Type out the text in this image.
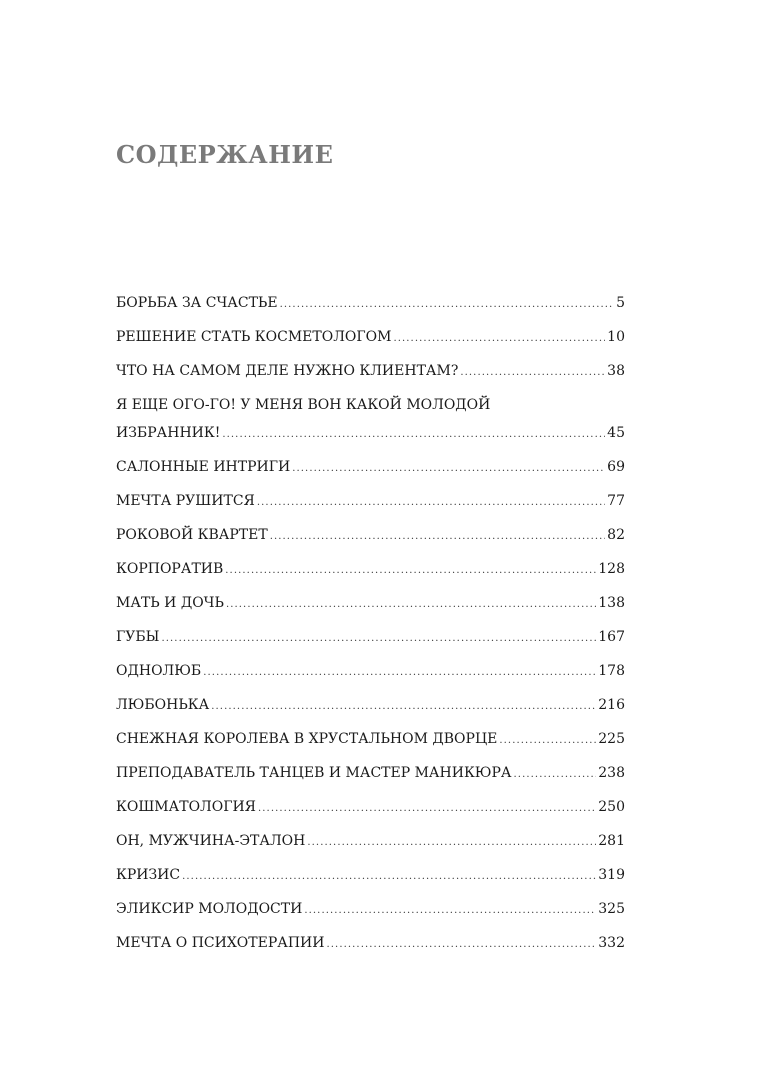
СОДЕРЖАНИЕ
БОРЬБА ЗА СЧАСТЬЕ .....	5
РЕШЕНИЕ СТАТЬ КОСМЕТОЛОГОМ .....	10
ЧТО НА САМОМ ДЕЛЕ НУЖНО КЛИЕНТАМ? .....	38
Я ЕЩЕ ОГО-ГО! У МЕНЯ ВОН КАКОЙ МОЛОДОЙ
ИЗБРАННИК! .....	45
САЛОННЫЕ ИНТРИГИ .....	69
МЕЧТА РУШИТСЯ .....	77
РОКОВОЙ КВАРТЕТ .....	82
КОРПОРАТИВ .....	128
МАТЬ И ДОЧЬ .....	138
ГУБЫ .....	167
ОДНОЛЮБ .....	178
ЛЮБОНЬКА .....	216
СНЕЖНАЯ КОРОЛЕВА В ХРУСТАЛЬНОМ ДВОРЦЕ .....	225
ПРЕПОДАВАТЕЛЬ ТАНЦЕВ И МАСТЕР МАНИКЮРА .....	238
КОШМАТОЛОГИЯ .....	250
ОН, МУЖЧИНА-ЭТАЛОН .....	281
КРИЗИС .....	319
ЭЛИКСИР МОЛОДОСТИ .....	325
МЕЧТА О ПСИХОТЕРАПИИ .....	332
